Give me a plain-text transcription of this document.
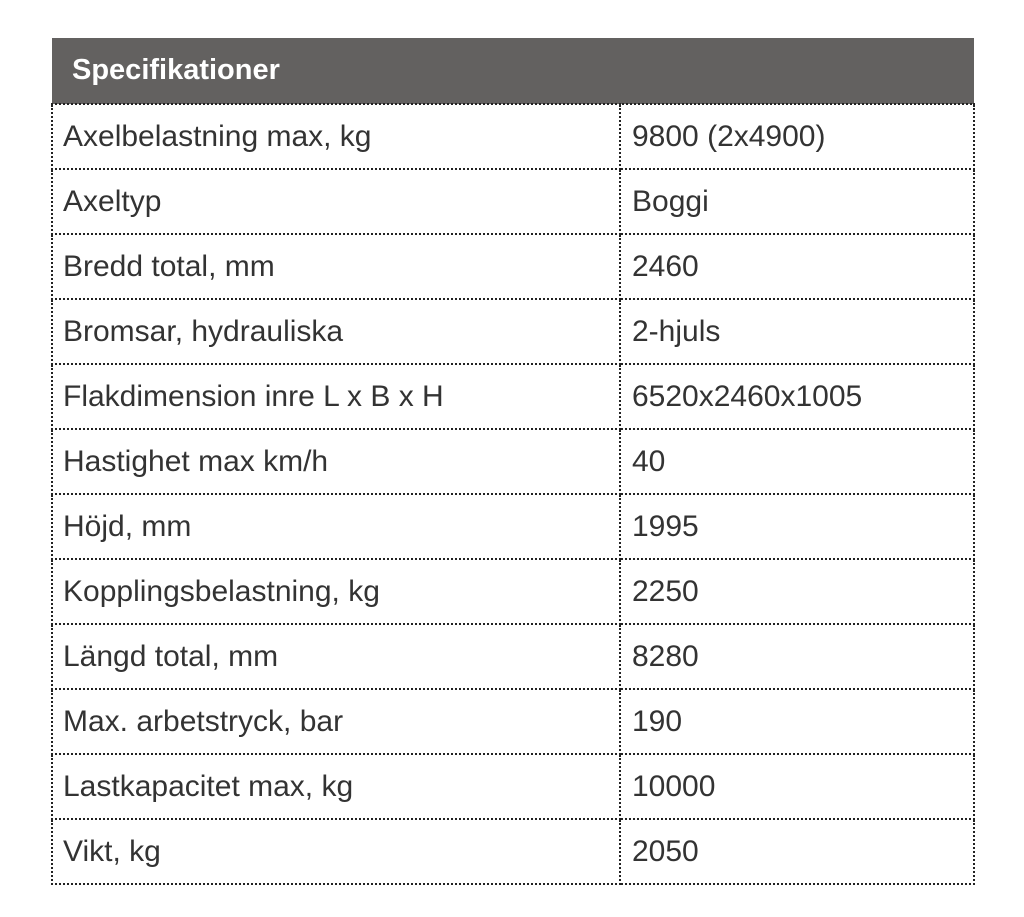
Specifikationer	
Axelbelastning max, kg	9800 (2x4900)
Axeltyp	Boggi
Bredd total, mm	2460
Bromsar, hydrauliska	2-hjuls
Flakdimension inre L x B x H	6520x2460x1005
Hastighet max km/h	40
Höjd, mm	1995
Kopplingsbelastning, kg	2250
Längd total, mm	8280
Max. arbetstryck, bar	190
Lastkapacitet max, kg	10000
Vikt, kg	2050
